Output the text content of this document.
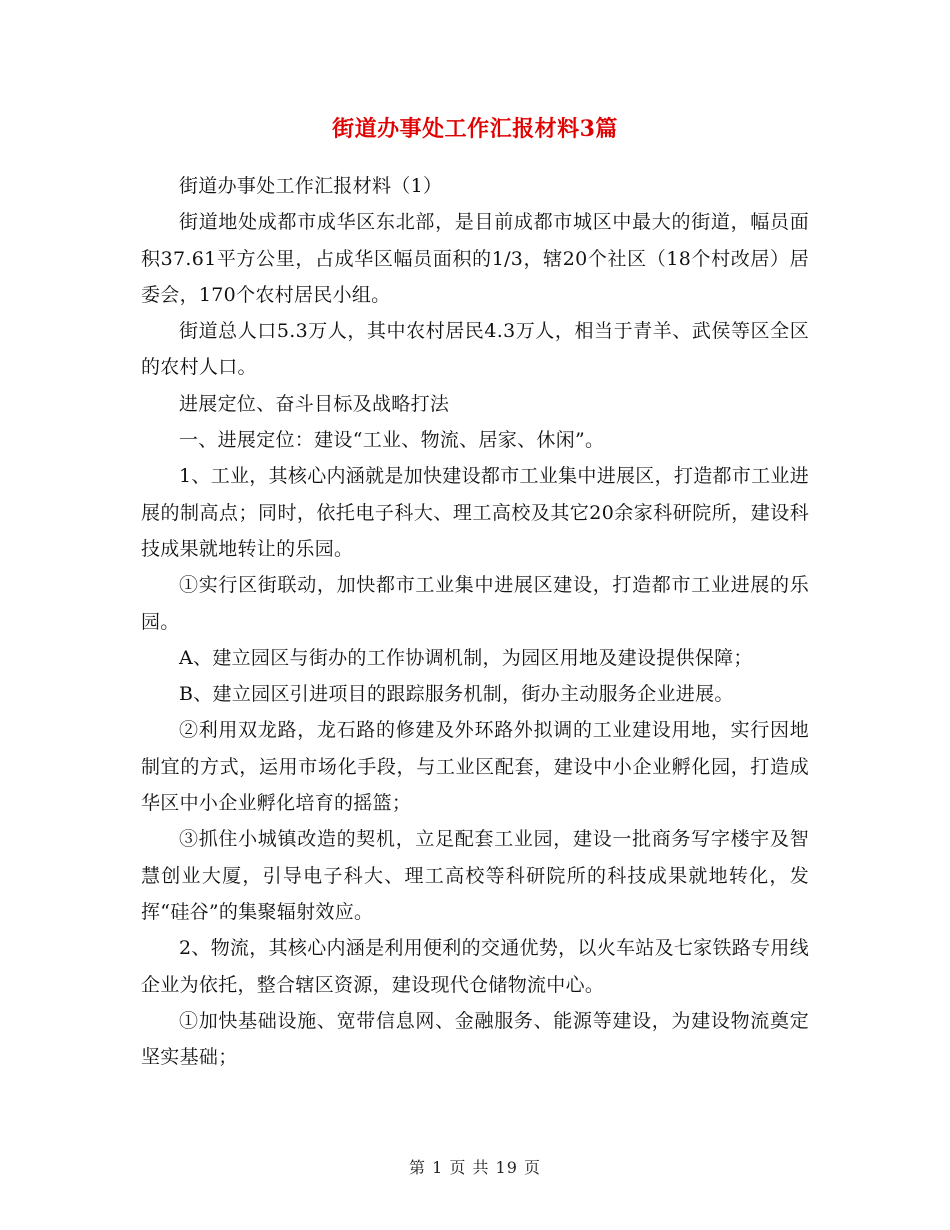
街道办事处工作汇报材料3篇

街道办事处工作汇报材料（1）

街道地处成都市成华区东北部，是目前成都市城区中最大的街道，幅员面积37.61平方公里，占成华区幅员面积的1/3，辖20个社区（18个村改居）居委会，170个农村居民小组。

街道总人口5.3万人，其中农村居民4.3万人，相当于青羊、武侯等区全区的农村人口。

进展定位、奋斗目标及战略打法

一、进展定位：建设“工业、物流、居家、休闲”。

1、工业，其核心内涵就是加快建设都市工业集中进展区，打造都市工业进展的制高点；同时，依托电子科大、理工高校及其它20余家科研院所，建设科技成果就地转让的乐园。

①实行区街联动，加快都市工业集中进展区建设，打造都市工业进展的乐园。

A、建立园区与街办的工作协调机制，为园区用地及建设提供保障；

B、建立园区引进项目的跟踪服务机制，街办主动服务企业进展。

②利用双龙路，龙石路的修建及外环路外拟调的工业建设用地，实行因地制宜的方式，运用市场化手段，与工业区配套，建设中小企业孵化园，打造成华区中小企业孵化培育的摇篮；

③抓住小城镇改造的契机，立足配套工业园，建设一批商务写字楼宇及智慧创业大厦，引导电子科大、理工高校等科研院所的科技成果就地转化，发挥“硅谷”的集聚辐射效应。

2、物流，其核心内涵是利用便利的交通优势，以火车站及七家铁路专用线企业为依托，整合辖区资源，建设现代仓储物流中心。

①加快基础设施、宽带信息网、金融服务、能源等建设，为建设物流奠定坚实基础；

第 1 页 共 19 页
